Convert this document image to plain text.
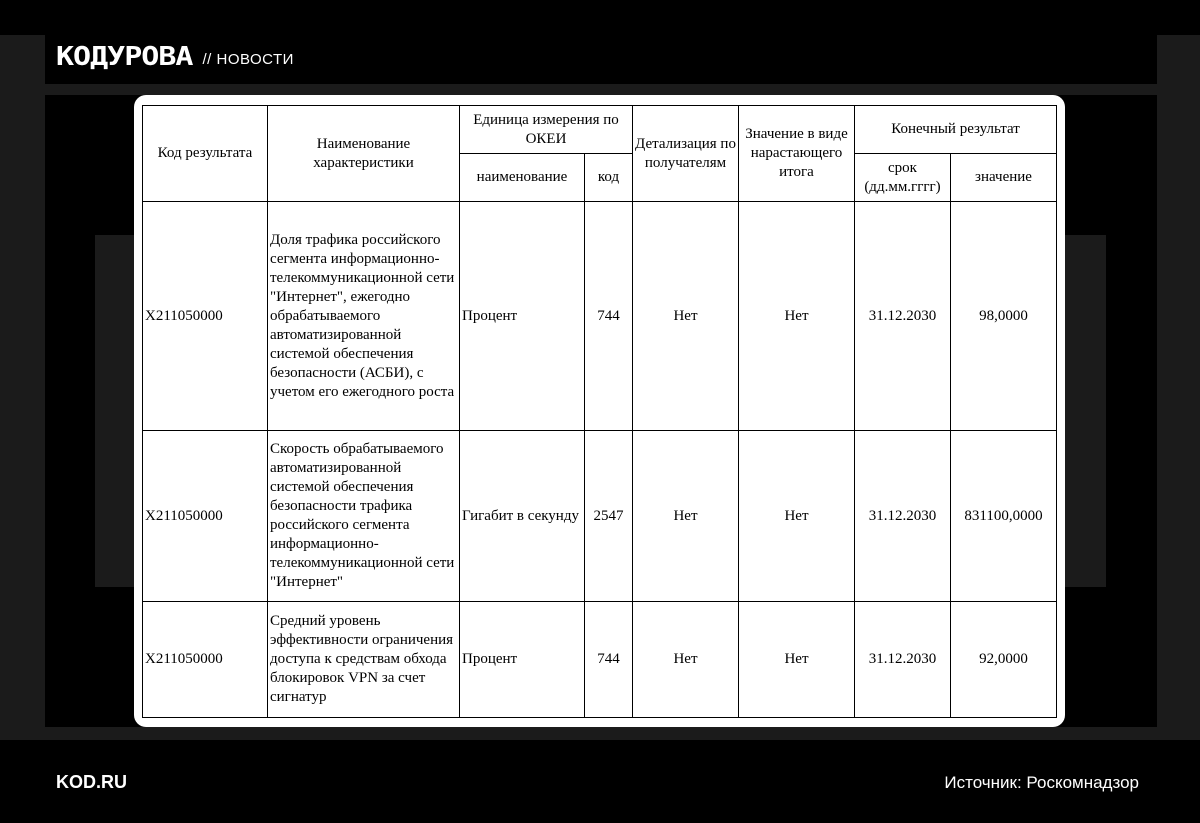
КОДУРОВА // НОВОСТИ
Код результата	Наименование характеристики	Единица измерения по ОКЕИ		Детализация по получателям	Значение в виде нарастающего итога	Конечный результат	
		наименование	код			срок (дд.мм.гггг)	значение
X211050000	Доля трафика российского сегмента информационно-телекоммуникационной сети "Интернет", ежегодно обрабатываемого автоматизированной системой обеспечения безопасности (АСБИ), с учетом его ежегодного роста	Процент	744	Нет	Нет	31.12.2030	98,0000
X211050000	Скорость обрабатываемого автоматизированной системой обеспечения безопасности трафика российского сегмента информационно-телекоммуникационной сети "Интернет"	Гигабит в секунду	2547	Нет	Нет	31.12.2030	831100,0000
X211050000	Средний уровень эффективности ограничения доступа к средствам обхода блокировок VPN за счет сигнатур	Процент	744	Нет	Нет	31.12.2030	92,0000
KOD.RU	Источник: Роскомнадзор
